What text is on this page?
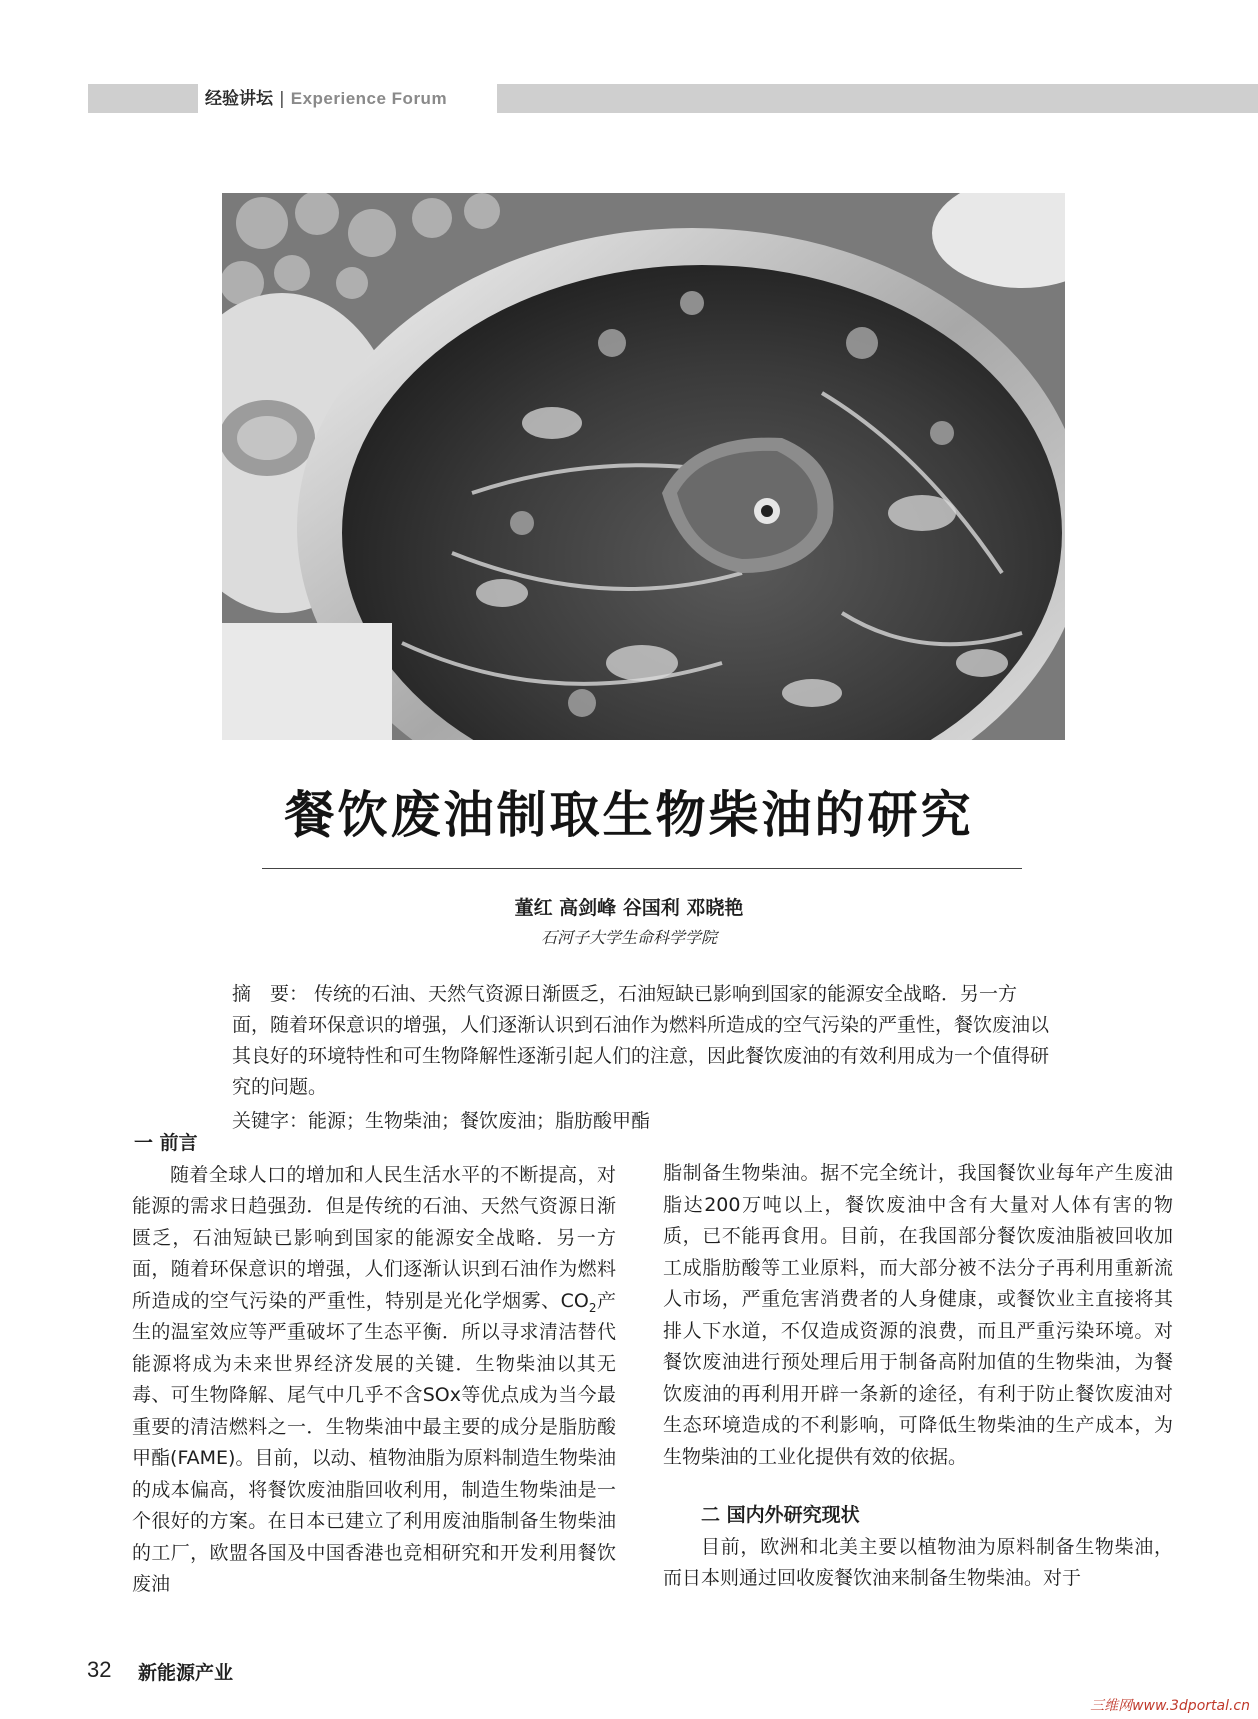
经验讲坛 | Experience Forum
餐饮废油制取生物柴油的研究
董红 高剑峰 谷国利 邓晓艳
石河子大学生命科学学院
摘　要： 传统的石油、天然气资源日渐匮乏，石油短缺已影响到国家的能源安全战略．另一方面，随着环保意识的增强，人们逐渐认识到石油作为燃料所造成的空气污染的严重性，餐饮废油以其良好的环境特性和可生物降解性逐渐引起人们的注意，因此餐饮废油的有效利用成为一个值得研究的问题。
关键字：能源；生物柴油；餐饮废油；脂肪酸甲酯
一 前言

随着全球人口的增加和人民生活水平的不断提高，对能源的需求日趋强劲．但是传统的石油、天然气资源日渐匮乏，石油短缺已影响到国家的能源安全战略．另一方面，随着环保意识的增强，人们逐渐认识到石油作为燃料所造成的空气污染的严重性，特别是光化学烟雾、$CO_2$产生的温室效应等严重破坏了生态平衡．所以寻求清洁替代能源将成为未来世界经济发展的关键．生物柴油以其无毒、可生物降解、尾气中几乎不含SOx等优点成为当今最重要的清洁燃料之一．生物柴油中最主要的成分是脂肪酸甲酯(FAME)。目前，以动、植物油脂为原料制造生物柴油的成本偏高，将餐饮废油脂回收利用，制造生物柴油是一个很好的方案。在日本已建立了利用废油脂制备生物柴油的工厂，欧盟各国及中国香港也竞相研究和开发利用餐饮废油

脂制备生物柴油。据不完全统计，我国餐饮业每年产生废油脂达200万吨以上，餐饮废油中含有大量对人体有害的物质，已不能再食用。目前，在我国部分餐饮废油脂被回收加工成脂肪酸等工业原料，而大部分被不法分子再利用重新流人市场，严重危害消费者的人身健康，或餐饮业主直接将其排人下水道，不仅造成资源的浪费，而且严重污染环境。对餐饮废油进行预处理后用于制备高附加值的生物柴油，为餐饮废油的再利用开辟一条新的途径，有利于防止餐饮废油对生态环境造成的不利影响，可降低生物柴油的生产成本，为生物柴油的工业化提供有效的依据。

二 国内外研究现状

目前，欧洲和北美主要以植物油为原料制备生物柴油，而日本则通过回收废餐饮油来制备生物柴油。对于

32 新能源产业
三维网www.3dportal.cn
